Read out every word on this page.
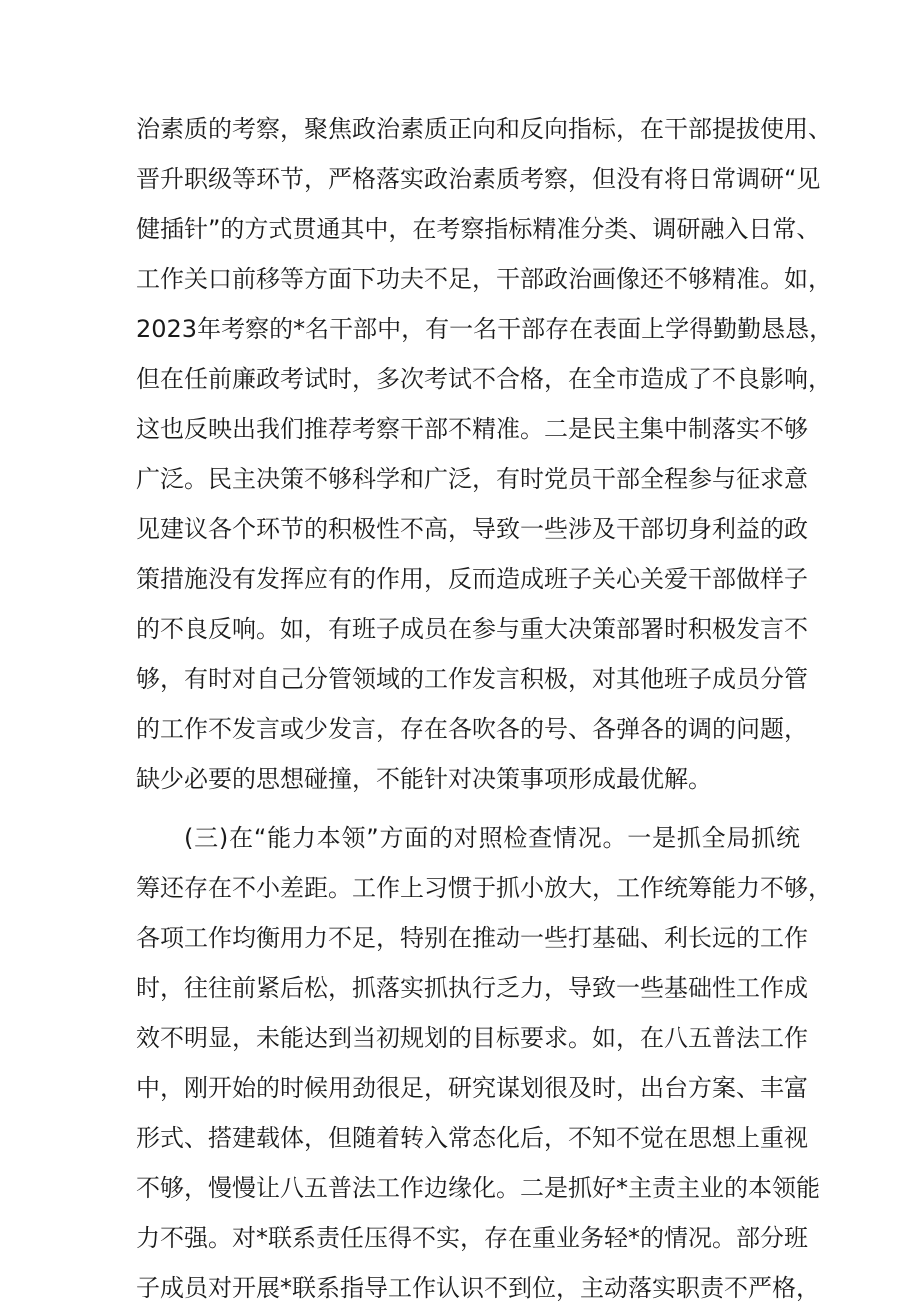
治素质的考察，聚焦政治素质正向和反向指标，在干部提拔使用、
晋升职级等环节，严格落实政治素质考察，但没有将日常调研“见
健插针”的方式贯通其中，在考察指标精准分类、调研融入日常、
工作关口前移等方面下功夫不足，干部政治画像还不够精准。如，
2023年考察的*名干部中，有一名干部存在表面上学得勤勤恳恳，
但在任前廉政考试时，多次考试不合格，在全市造成了不良影响，
这也反映出我们推荐考察干部不精准。二是民主集中制落实不够
广泛。民主决策不够科学和广泛，有时党员干部全程参与征求意
见建议各个环节的积极性不高，导致一些涉及干部切身利益的政
策措施没有发挥应有的作用，反而造成班子关心关爱干部做样子
的不良反响。如，有班子成员在参与重大决策部署时积极发言不
够，有时对自己分管领域的工作发言积极，对其他班子成员分管
的工作不发言或少发言，存在各吹各的号、各弹各的调的问题，
缺少必要的思想碰撞，不能针对决策事项形成最优解。
(三)在“能力本领”方面的对照检查情况。一是抓全局抓统
筹还存在不小差距。工作上习惯于抓小放大，工作统筹能力不够，
各项工作均衡用力不足，特别在推动一些打基础、利长远的工作
时，往往前紧后松，抓落实抓执行乏力，导致一些基础性工作成
效不明显，未能达到当初规划的目标要求。如，在八五普法工作
中，刚开始的时候用劲很足，研究谋划很及时，出台方案、丰富
形式、搭建载体，但随着转入常态化后，不知不觉在思想上重视
不够，慢慢让八五普法工作边缘化。二是抓好*主责主业的本领能
力不强。对*联系责任压得不实，存在重业务轻*的情况。部分班
子成员对开展*联系指导工作认识不到位，主动落实职责不严格，
